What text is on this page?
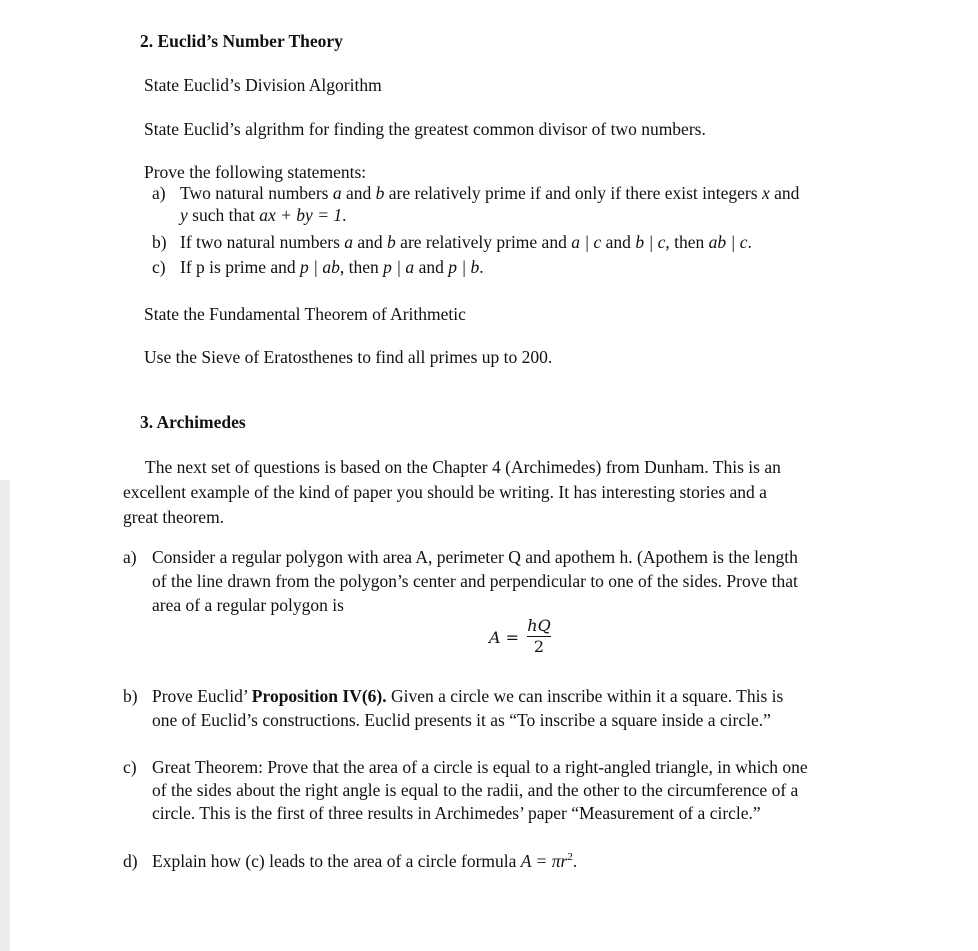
2. Euclid’s Number Theory
State Euclid’s Division Algorithm
State Euclid’s algrithm for finding the greatest common divisor of two numbers.
Prove the following statements:
a) Two natural numbers a and b are relatively prime if and only if there exist integers x and
y such that ax + by = 1.
b) If two natural numbers a and b are relatively prime and a | c and b | c, then ab | c.
c) If p is prime and p | ab, then p | a and p | b.
State the Fundamental Theorem of Arithmetic
Use the Sieve of Eratosthenes to find all primes up to 200.
3. Archimedes
The next set of questions is based on the Chapter 4 (Archimedes) from Dunham. This is an
excellent example of the kind of paper you should be writing. It has interesting stories and a
great theorem.
a) Consider a regular polygon with area A, perimeter Q and apothem h. (Apothem is the length
of the line drawn from the polygon’s center and perpendicular to one of the sides. Prove that
area of a regular polygon is
A =
hQ
2
b) Prove Euclid’ Proposition IV(6). Given a circle we can inscribe within it a square. This is
one of Euclid’s constructions. Euclid presents it as “To inscribe a square inside a circle.”
c) Great Theorem: Prove that the area of a circle is equal to a right-angled triangle, in which one
of the sides about the right angle is equal to the radii, and the other to the circumference of a
circle. This is the first of three results in Archimedes’ paper “Measurement of a circle.”
d) Explain how (c) leads to the area of a circle formula $A = \pi r^2$.
